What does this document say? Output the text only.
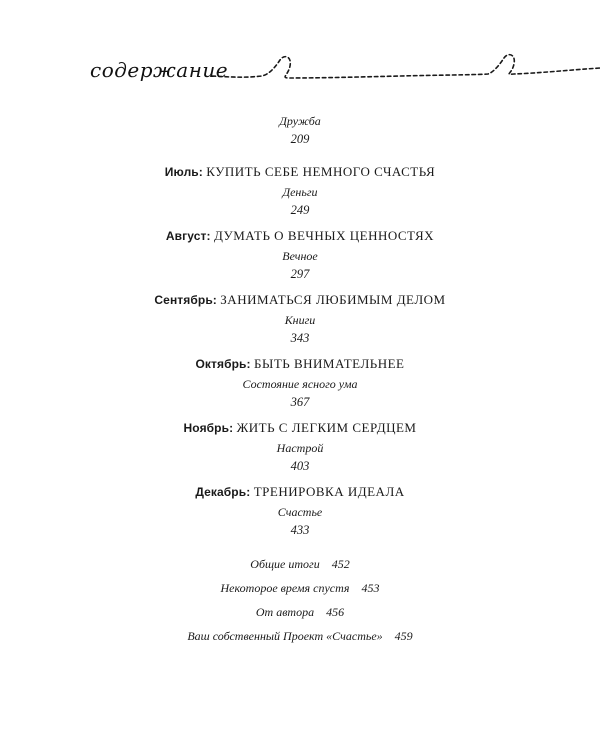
содержание
Дружба
209
Июль: КУПИТЬ СЕБЕ НЕМНОГО СЧАСТЬЯ
Деньги
249
Август: ДУМАТЬ О ВЕЧНЫХ ЦЕННОСТЯХ
Вечное
297
Сентябрь: ЗАНИМАТЬСЯ ЛЮБИМЫМ ДЕЛОМ
Книги
343
Октябрь: БЫТЬ ВНИМАТЕЛЬНЕЕ
Состояние ясного ума
367
Ноябрь: ЖИТЬ С ЛЕГКИМ СЕРДЦЕМ
Настрой
403
Декабрь: ТРЕНИРОВКА ИДЕАЛА
Счастье
433
Общие итоги 452
Некоторое время спустя 453
От автора 456
Ваш собственный Проект «Счастье» 459
